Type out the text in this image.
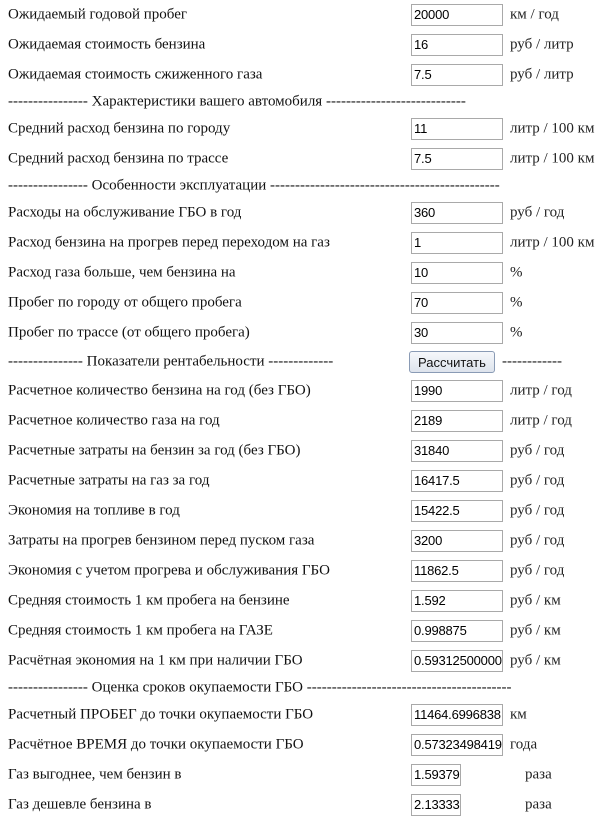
Ожидаемый годовой пробег	20000	км / год
Ожидаемая стоимость бензина	16	руб / литр
Ожидаемая стоимость сжиженного газа	7.5	руб / литр
---------------- Характеристики вашего автомобиля ----------------------------
Средний расход бензина по городу	11	литр / 100 км
Средний расход бензина по трассе	7.5	литр / 100 км
---------------- Особенности эксплуатации ----------------------------------------------
Расходы на обслуживание ГБО в год	360	руб / год
Расход бензина на прогрев перед переходом на газ	1	литр / 100 км
Расход газа больше, чем бензина на	10	%
Пробег по городу от общего пробега	70	%
Пробег по трассе (от общего пробега)	30	%
--------------- Показатели рентабельности -------------	Рассчитать	------------
Расчетное количество бензина на год (без ГБО)	1990	литр / год
Расчетное количество газа на год	2189	литр / год
Расчетные затраты на бензин за год (без ГБО)	31840	руб / год
Расчетные затраты на газ за год	16417.5	руб / год
Экономия на топливе в год	15422.5	руб / год
Затраты на прогрев бензином перед пуском газа	3200	руб / год
Экономия с учетом прогрева и обслуживания ГБО	11862.5	руб / год
Средняя стоимость 1 км пробега на бензине	1.592	руб / км
Средняя стоимость 1 км пробега на ГАЗЕ	0.998875	руб / км
Расчётная экономия на 1 км при наличии ГБО	0.59312500000 руб / км
---------------- Оценка сроков окупаемости ГБО -----------------------------------------
Расчетный ПРОБЕГ до точки окупаемости ГБО	11464.6996838 км
Расчётное ВРЕМЯ до точки окупаемости ГБО	0.57323498419 года
Газ выгоднее, чем бензин в	1.59379	раза
Газ дешевле бензина в	2.13333	раза
